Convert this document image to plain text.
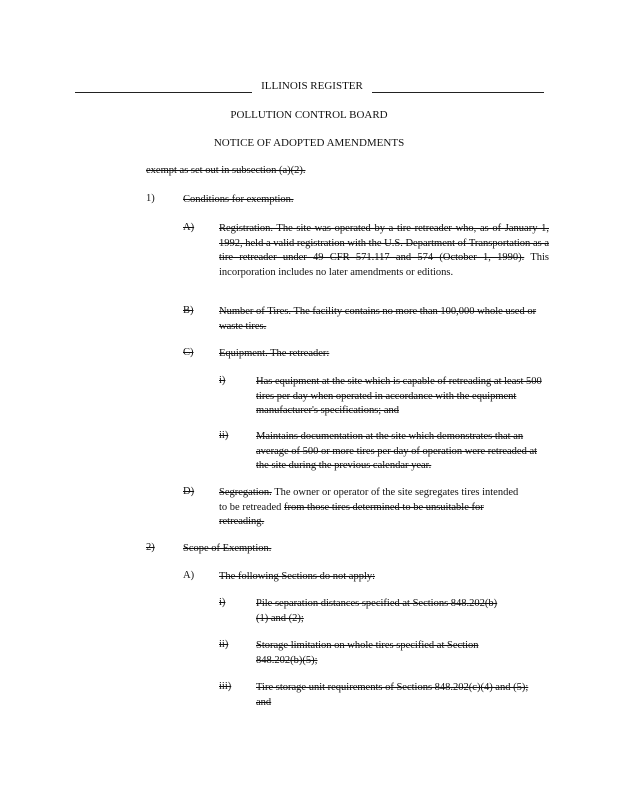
ILLINOIS REGISTER
POLLUTION CONTROL BOARD
NOTICE OF ADOPTED AMENDMENTS
exempt as set out in subsection (a)(2).
1)	Conditions for exemption.
A) Registration. The site was operated by a tire retreader who, as of January 1, 1992, held a valid registration with the U.S. Department of Transportation as a tire retreader under 49 CFR 571.117 and 574 (October 1, 1990). This incorporation includes no later amendments or editions.
B) Number of Tires. The facility contains no more than 100,000 whole used or waste tires.
C) Equipment. The retreader:
i)	Has equipment at the site which is capable of retreading at least 500 tires per day when operated in accordance with the equipment manufacturer's specifications; and
ii)	Maintains documentation at the site which demonstrates that an average of 500 or more tires per day of operation were retreaded at the site during the previous calendar year.
D) Segregation. The owner or operator of the site segregates tires intended to be retreaded from those tires determined to be unsuitable for retreading.
2)	Scope of Exemption.
A) The following Sections do not apply:
i)	Pile separation distances specified at Sections 848.202(b)(1) and (2);
ii)	Storage limitation on whole tires specified at Section 848.202(b)(5);
iii) Tire storage unit requirements of Sections 848.202(c)(4) and (5); and
